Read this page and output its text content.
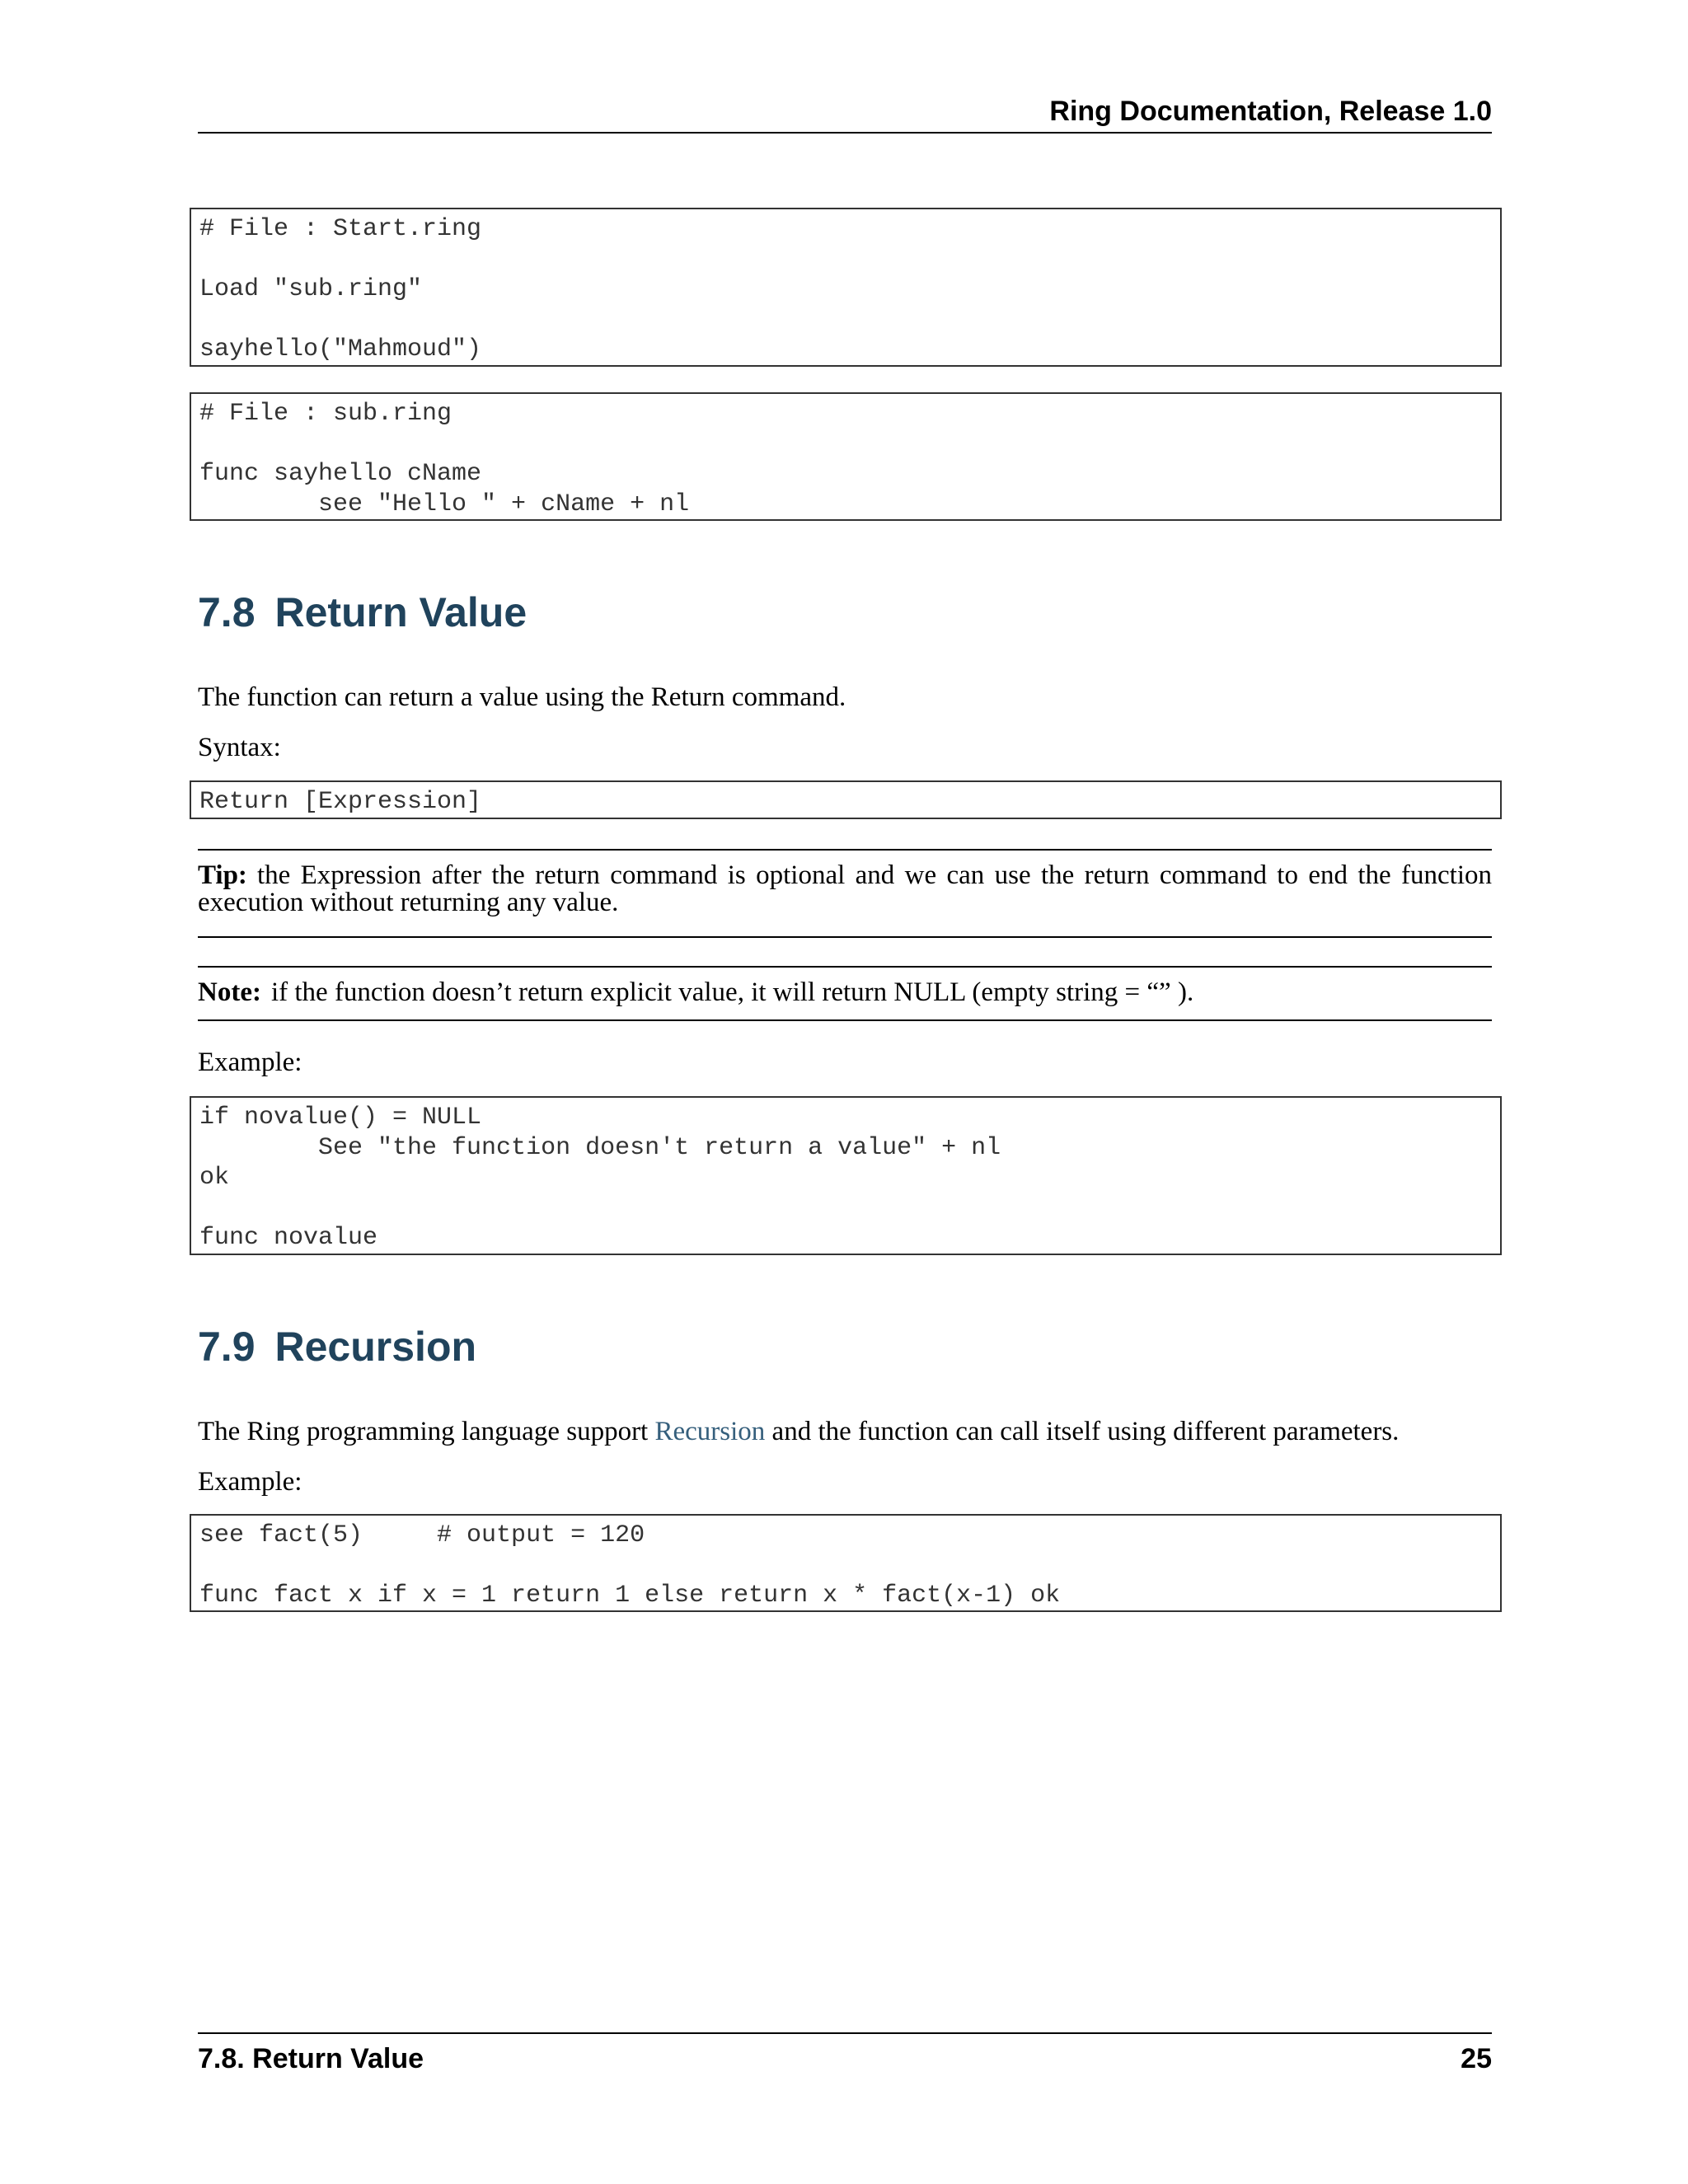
Ring Documentation, Release 1.0
# File : Start.ring
Load "sub.ring"
sayhello("Mahmoud")
# File : sub.ring
func sayhello cName
see "Hello " + cName + nl
7.8 Return Value

The function can return a value using the Return command.

Syntax:

Return [Expression]
Tip: the Expression after the return command is optional and we can use the return command to end the function execution without returning any value.
Note: if the function doesn’t return explicit value, it will return NULL (empty string = “” ).

Example:

if novalue() = NULL
See "the function doesn't return a value" + nl
ok
func novalue
7.9 Recursion

The Ring programming language support Recursion and the function can call itself using different parameters.

Example:

see fact(5)     # output = 120
func fact x if x = 1 return 1 else return x * fact(x-1) ok
7.8. Return Value	25
